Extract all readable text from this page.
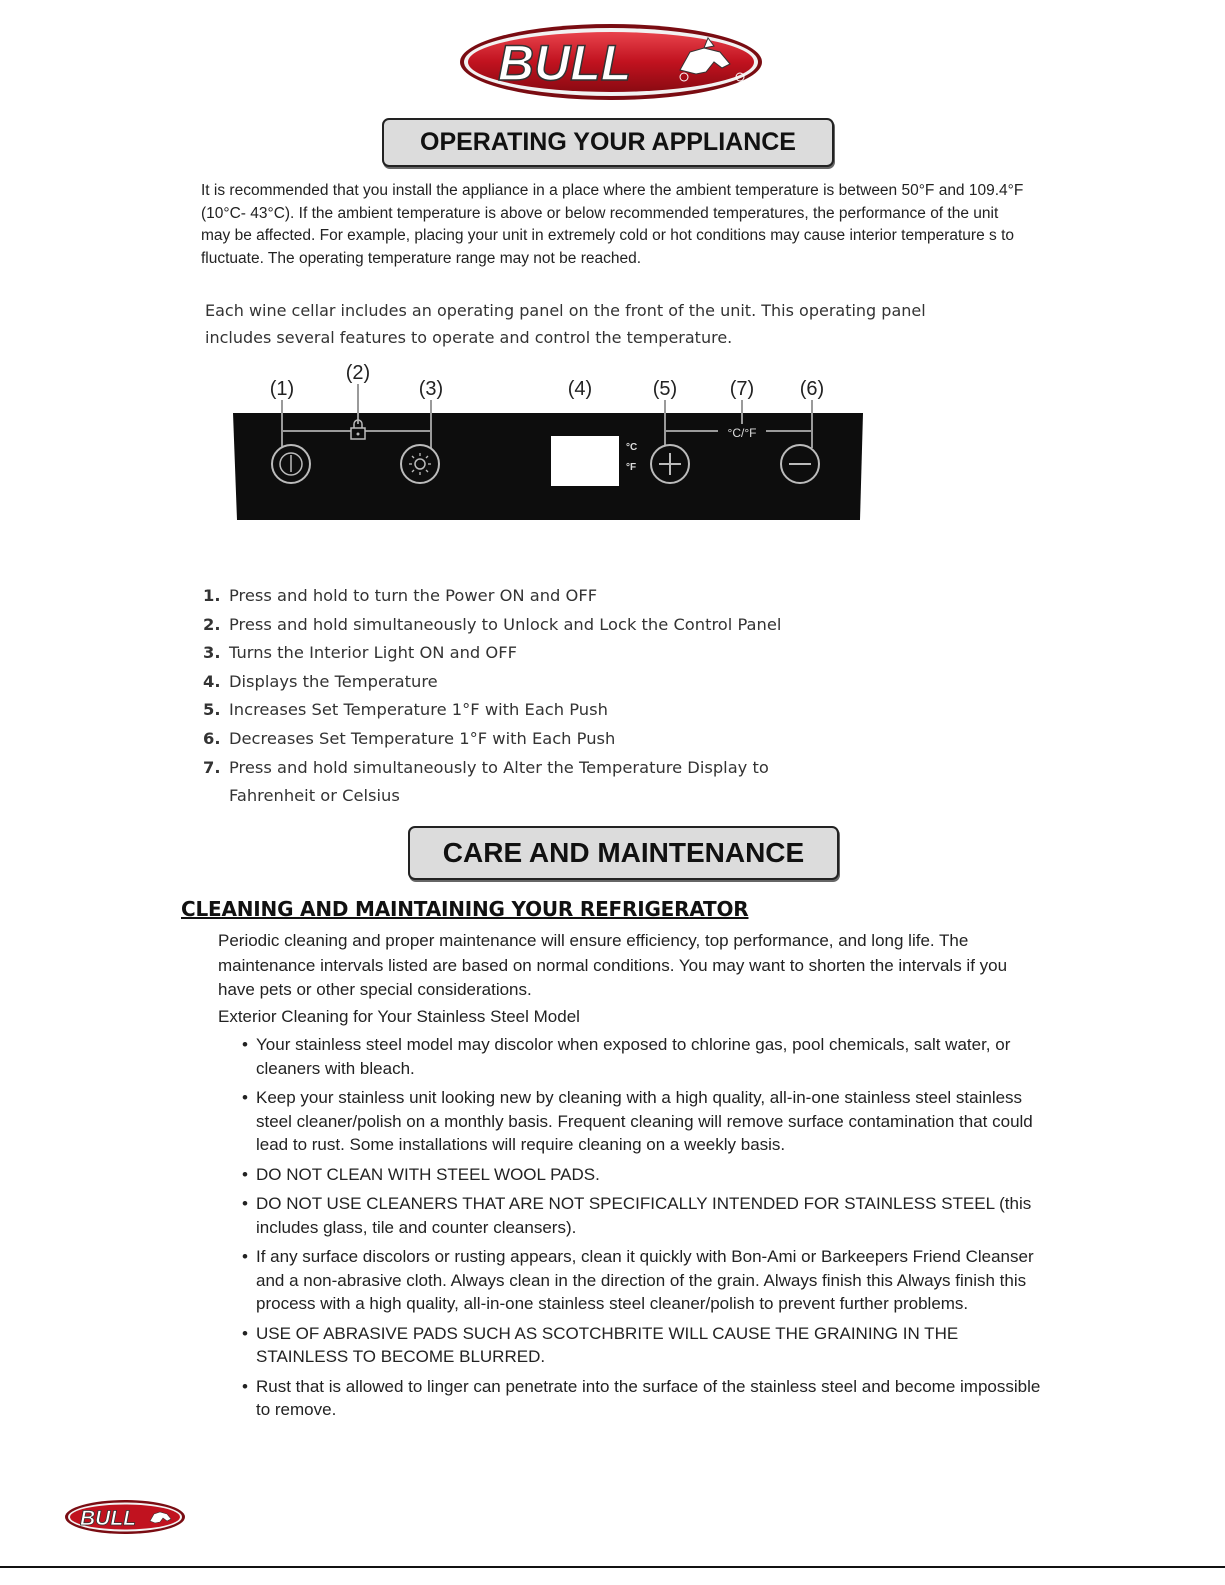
BULL
OPERATING YOUR APPLIANCE
It is recommended that you install the appliance in a place where the ambient temperature is between 50°F and 109.4°F (10°C- 43°C). If the ambient temperature is above or below recommended temperatures, the performance of the unit may be affected. For example, placing your unit in extremely cold or hot conditions may cause interior temperature s to fluctuate. The operating temperature range may not be reached.
Each wine cellar includes an operating panel on the front of the unit. This operating panel includes several features to operate and control the temperature.
(1)
(2)
(3)	(4)	(5)	(7) (6)
°C
°F
°C/°F
1. Press and hold to turn the Power ON and OFF
2. Press and hold simultaneously to Unlock and Lock the Control Panel
3. Turns the Interior Light ON and OFF
4. Displays the Temperature
5. Increases Set Temperature 1°F with Each Push
6. Decreases Set Temperature 1°F with Each Push
7. Press and hold simultaneously to Alter the Temperature Display to
Fahrenheit or Celsius
CARE AND MAINTENANCE
CLEANING AND MAINTAINING YOUR REFRIGERATOR
Periodic cleaning and proper maintenance will ensure efficiency, top performance, and long life. The maintenance intervals listed are based on normal conditions. You may want to shorten the intervals if you have pets or other special considerations.
Exterior Cleaning for Your Stainless Steel Model
• Your stainless steel model may discolor when exposed to chlorine gas, pool chemicals, salt water, or cleaners with bleach.
• Keep your stainless unit looking new by cleaning with a high quality, all-in-one stainless steel stainless steel cleaner/polish on a monthly basis. Frequent cleaning will remove surface contamination that could lead to rust. Some installations will require cleaning on a weekly basis.
• DO NOT CLEAN WITH STEEL WOOL PADS.
• DO NOT USE CLEANERS THAT ARE NOT SPECIFICALLY INTENDED FOR STAINLESS STEEL (this includes glass, tile and counter cleansers).
• If any surface discolors or rusting appears, clean it quickly with Bon-Ami or Barkeepers Friend Cleanser and a non-abrasive cloth. Always clean in the direction of the grain. Always finish this Always finish this process with a high quality, all-in-one stainless steel cleaner/polish to prevent further problems.
• USE OF ABRASIVE PADS SUCH AS SCOTCHBRITE WILL CAUSE THE GRAINING IN THE STAINLESS TO BECOME BLURRED.
• Rust that is allowed to linger can penetrate into the surface of the stainless steel and become impossible to remove.
BULL
